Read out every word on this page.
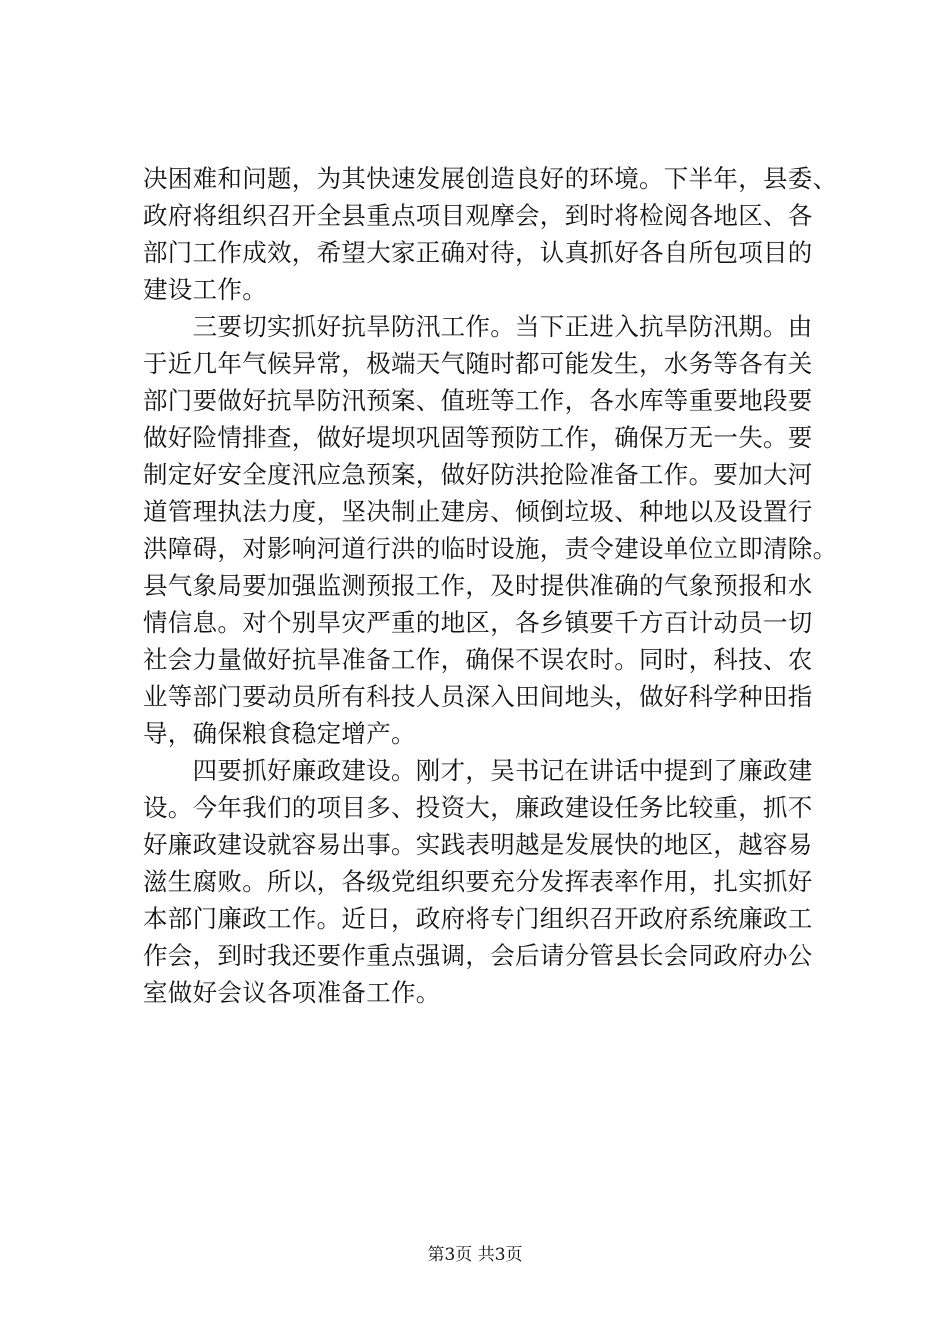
决困难和问题，为其快速发展创造良好的环境。下半年，县委、
政府将组织召开全县重点项目观摩会，到时将检阅各地区、各
部门工作成效，希望大家正确对待，认真抓好各自所包项目的
建设工作。
　　三要切实抓好抗旱防汛工作。当下正进入抗旱防汛期。由
于近几年气候异常，极端天气随时都可能发生，水务等各有关
部门要做好抗旱防汛预案、值班等工作，各水库等重要地段要
做好险情排查，做好堤坝巩固等预防工作，确保万无一失。要
制定好安全度汛应急预案，做好防洪抢险准备工作。要加大河
道管理执法力度，坚决制止建房、倾倒垃圾、种地以及设置行
洪障碍，对影响河道行洪的临时设施，责令建设单位立即清除。
县气象局要加强监测预报工作，及时提供准确的气象预报和水
情信息。对个别旱灾严重的地区，各乡镇要千方百计动员一切
社会力量做好抗旱准备工作，确保不误农时。同时，科技、农
业等部门要动员所有科技人员深入田间地头，做好科学种田指
导，确保粮食稳定增产。
　　四要抓好廉政建设。刚才，吴书记在讲话中提到了廉政建
设。今年我们的项目多、投资大，廉政建设任务比较重，抓不
好廉政建设就容易出事。实践表明越是发展快的地区，越容易
滋生腐败。所以，各级党组织要充分发挥表率作用，扎实抓好
本部门廉政工作。近日，政府将专门组织召开政府系统廉政工
作会，到时我还要作重点强调，会后请分管县长会同政府办公
室做好会议各项准备工作。
第3页 共3页
